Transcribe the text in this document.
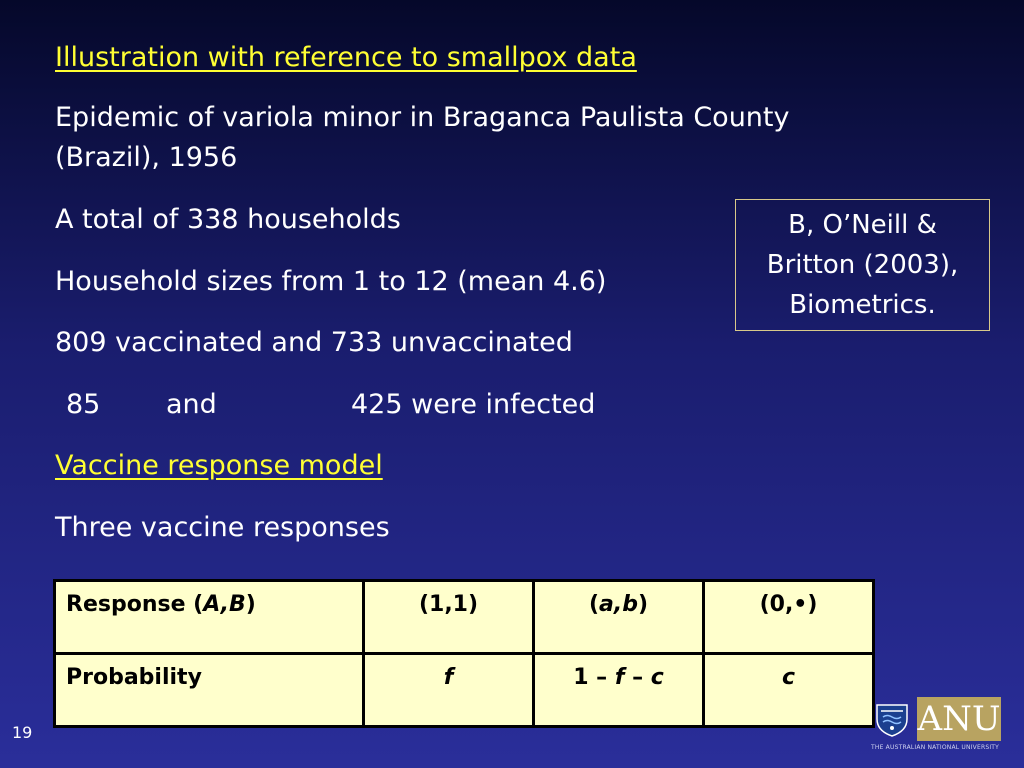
Illustration with reference to smallpox data

Epidemic of variola minor in Braganca Paulista County (Brazil), 1956

A total of 338 households

Household sizes from 1 to 12 (mean 4.6)

809 vaccinated and 733 unvaccinated

85 and	425 were infected

Vaccine response model

Three vaccine responses

B, O’Neill &
Britton (2003),
Biometrics.
Response (A,B)	(1,1)	(a,b)	(0,•)
Probability	f	1 – f – c	c
19	ANU
THE AUSTRALIAN NATIONAL UNIVERSITY
